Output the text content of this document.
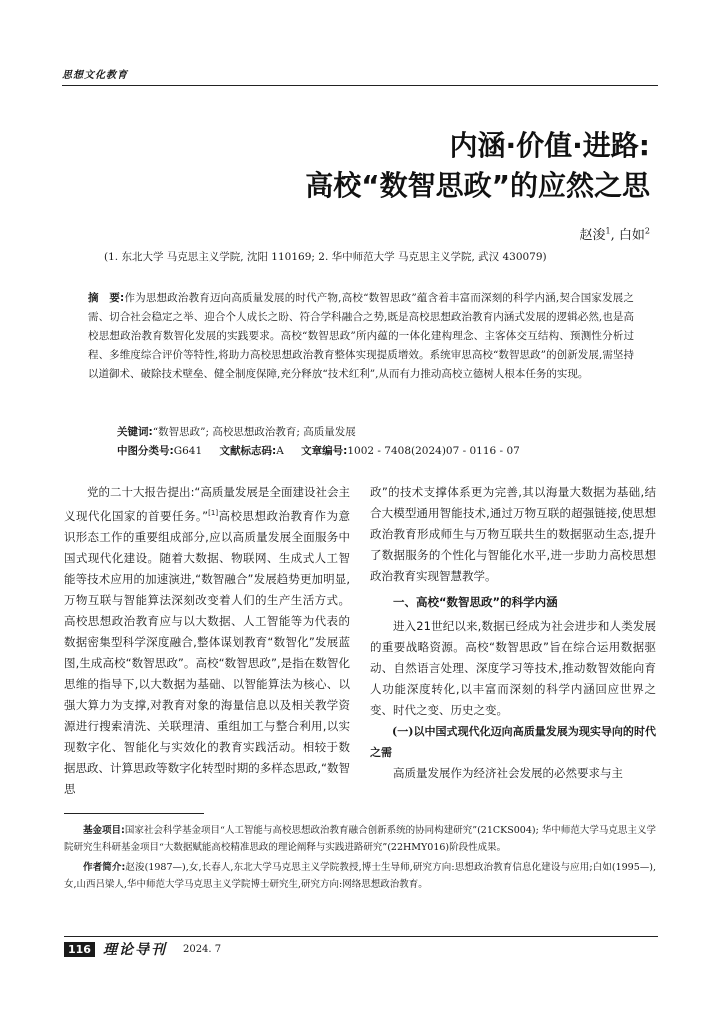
思想文化教育
内涵·价值·进路:
高校“数智思政”的应然之思
赵浚$^1$, 白如$^2$
(1. 东北大学 马克思主义学院, 沈阳 110169; 2. 华中师范大学 马克思主义学院, 武汉 430079)
摘　要:作为思想政治教育迈向高质量发展的时代产物,高校“数智思政”蕴含着丰富而深刻的科学内涵,契合国家发展之需、切合社会稳定之举、迎合个人成长之盼、符合学科融合之势,既是高校思想政治教育内涵式发展的逻辑必然,也是高校思想政治教育数智化发展的实践要求。高校“数智思政”所内蕴的一体化建构理念、主客体交互结构、预测性分析过程、多维度综合评价等特性,将助力高校思想政治教育整体实现提质增效。系统审思高校“数智思政”的创新发展,需坚持以道御术、破除技术壁垒、健全制度保障,充分释放“技术红利”,从而有力推动高校立德树人根本任务的实现。
关键词:“数智思政”; 高校思想政治教育; 高质量发展
中图分类号:G641 文献标志码:A 文章编号:1002 - 7408(2024)07 - 0116 - 07

党的二十大报告提出:“高质量发展是全面建设社会主义现代化国家的首要任务。”[1]高校思想政治教育作为意识形态工作的重要组成部分,应以高质量发展全面服务中国式现代化建设。随着大数据、物联网、生成式人工智能等技术应用的加速演进,“数智融合”发展趋势更加明显,万物互联与智能算法深刻改变着人们的生产生活方式。高校思想政治教育应与以大数据、人工智能等为代表的数据密集型科学深度融合,整体谋划教育“数智化”发展蓝图,生成高校“数智思政”。高校“数智思政”,是指在数智化思维的指导下,以大数据为基础、以智能算法为核心、以强大算力为支撑,对教育对象的海量信息以及相关教学资源进行搜索清洗、关联理清、重组加工与整合利用,以实现数字化、智能化与实效化的教育实践活动。相较于数据思政、计算思政等数字化转型时期的多样态思政,“数智思

政”的技术支撑体系更为完善,其以海量大数据为基础,结合大模型通用智能技术,通过万物互联的超强链接,使思想政治教育形成师生与万物互联共生的数据驱动生态,提升了数据服务的个性化与智能化水平,进一步助力高校思想政治教育实现智慧教学。

一、高校“数智思政”的科学内涵

进入21世纪以来,数据已经成为社会进步和人类发展的重要战略资源。高校“数智思政”旨在综合运用数据驱动、自然语言处理、深度学习等技术,推动数智效能向育人功能深度转化,以丰富而深刻的科学内涵回应世界之变、时代之变、历史之变。

(一)以中国式现代化迈向高质量发展为现实导向的时代之需

高质量发展作为经济社会发展的必然要求与主

基金项目:国家社会科学基金项目“人工智能与高校思想政治教育融合创新系统的协同构建研究”(21CKS004); 华中师范大学马克思主义学院研究生科研基金项目“大数据赋能高校精准思政的理论阐释与实践进路研究”(22HMY016)阶段性成果。

作者简介:赵浚(1987—),女,长春人,东北大学马克思主义学院教授,博士生导师,研究方向:思想政治教育信息化建设与应用;白如(1995—),女,山西吕梁人,华中师范大学马克思主义学院博士研究生,研究方向:网络思想政治教育。

116 理论导刊 2024. 7
